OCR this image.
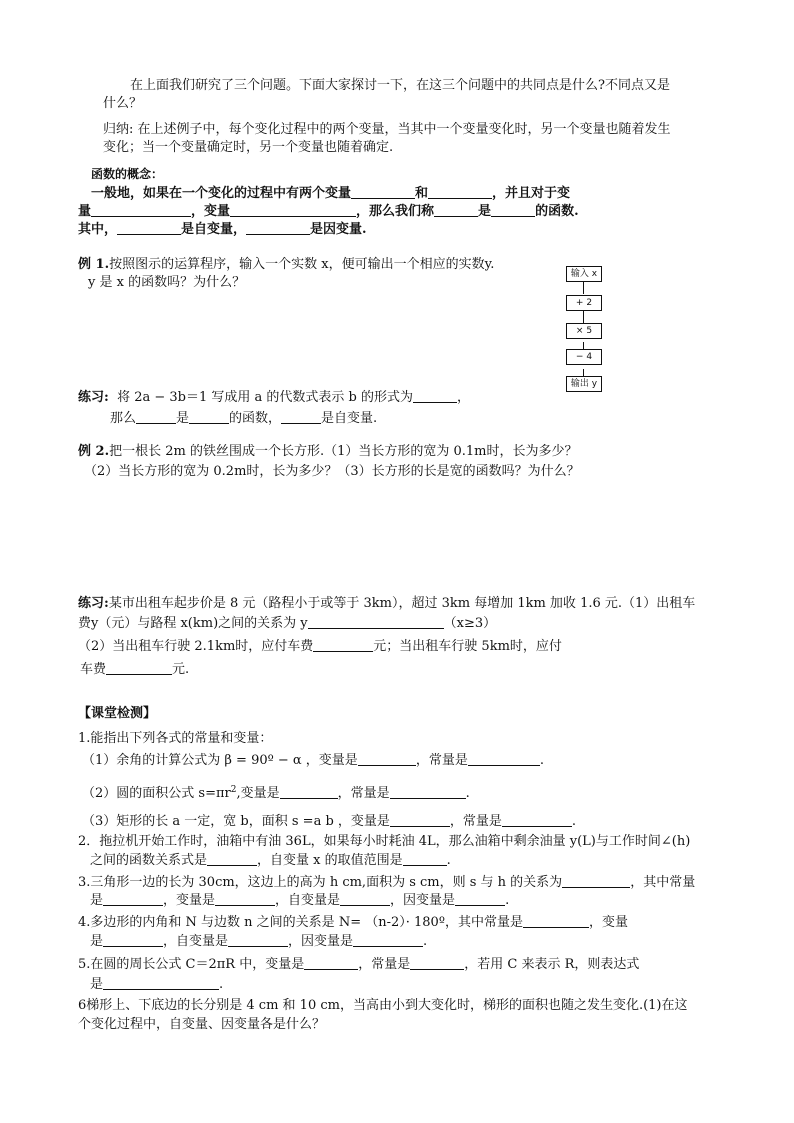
在上面我们研究了三个问题。下面大家探讨一下，在这三个问题中的共同点是什么?不同点又是
什么？
归纳: 在上述例子中，每个变化过程中的两个变量，当其中一个变量变化时，另一个变量也随着发生
变化；当一个变量确定时，另一个变量也随着确定.
函数的概念：
一般地，如果在一个变化的过程中有两个变量	和	，并且对于变
量	，变量	，那么我们称	是	的函数.
其中，	是自变量，	是因变量.
例 1.按照图示的运算程序，输入一个实数 x，便可输出一个相应的实数y.
y 是 x 的函数吗？为什么？
输入 x
+ 2
× 5
− 4
输出 y
练习: 将 2a − 3b＝1 写成用 a 的代数式表示 b 的形式为	，
那么	是	的函数，	是自变量.
例 2.把一根长 2m 的铁丝围成一个长方形.（1）当长方形的宽为 0.1m时，长为多少？
（2）当长方形的宽为 0.2m时，长为多少？（3）长方形的长是宽的函数吗？为什么？
练习:某市出租车起步价是 8 元（路程小于或等于 3km），超过 3km 每增加 1km 加收 1.6 元.（1）出租车
费y（元）与路程 x(km)之间的关系为 y	（x≥3）
（2）当出租车行驶 2.1km时，应付车费	元；当出租车行驶 5km时，应付
车费	元.
【课堂检测】
1.能指出下列各式的常量和变量：
（1）余角的计算公式为 β = 90º − α ，变量是	，常量是	.
（2）圆的面积公式 $s=\pi r^2$,变量是	，常量是	.
（3）矩形的长 a 一定，宽 b，面积 s =a b ，变量是	，常量是	.
2．拖拉机开始工作时，油箱中有油 36L，如果每小时耗油 4L，那么油箱中剩余油量 y(L)与工作时间∠(h)
之间的函数关系式是	，自变量 x 的取值范围是	.
3.三角形一边的长为 30cm，这边上的高为 h cm,面积为 s cm，则 s 与 h 的关系为	，其中常量
是	，变量是	，自变量是	，因变量是	.
4.多边形的内角和 N 与边数 n 之间的关系是 N= （n-2）· 180º，其中常量是	，变量
是	，自变量是	，因变量是	.
5.在圆的周长公式 C＝2πR 中，变量是	，常量是	，若用 C 来表示 R，则表达式
是	.
6梯形上、下底边的长分别是 4 cm 和 10 cm，当高由小到大变化时，梯形的面积也随之发生变化.(1)在这
个变化过程中，自变量、因变量各是什么？
